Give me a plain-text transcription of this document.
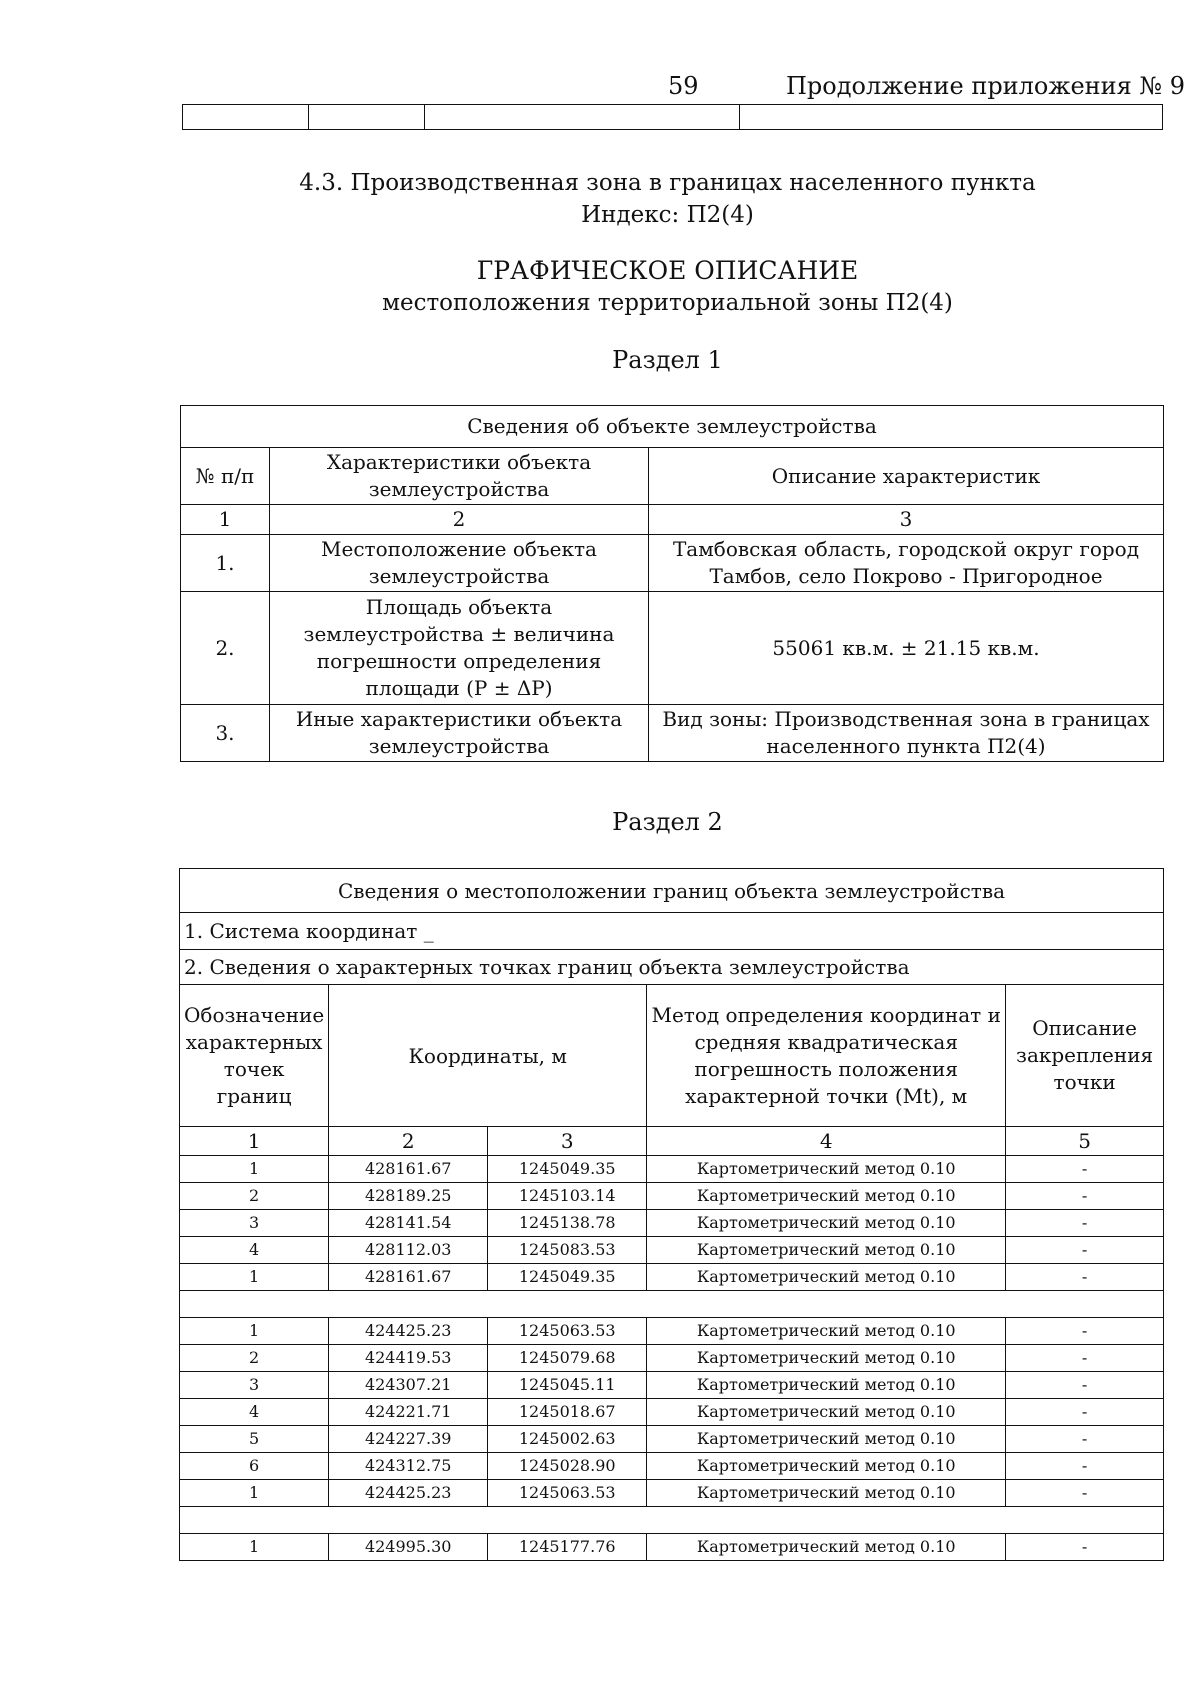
59	Продолжение приложения № 9

4.3. Производственная зона в границах населенного пункта
Индекс: П2(4)
ГРАФИЧЕСКОЕ ОПИСАНИЕ
местоположения территориальной зоны П2(4)
Раздел 1
Сведения об объекте землеустройства		
№ п/п	Характеристики объекта землеустройства	Описание характеристик
1	2	3
1.	Местоположение объекта землеустройства	Тамбовская область, городской округ город Тамбов, село Покрово - Пригородное
2.	Площадь объекта землеустройства ± величина погрешности определения площади (P ± ΔP)	55061 кв.м. ± 21.15 кв.м.
3.	Иные характеристики объекта землеустройства	Вид зоны: Производственная зона в границах населенного пункта П2(4)
Раздел 2
Сведения о местоположении границ объекта землеустройства				
1. Система координат _				
2. Сведения о характерных точках границ объекта землеустройства				
Обозначение характерных точек границ	Координаты, м		Метод определения координат и средняя квадратическая погрешность положения характерной точки (Mt), м	Описание закрепления точки
1	2	3	4	5
1	428161.67	1245049.35	Картометрический метод 0.10	-
2	428189.25	1245103.14	Картометрический метод 0.10	-
3	428141.54	1245138.78	Картометрический метод 0.10	-
4	428112.03	1245083.53	Картометрический метод 0.10	-
1	428161.67	1245049.35	Картометрический метод 0.10	-

1	424425.23	1245063.53	Картометрический метод 0.10	-
2	424419.53	1245079.68	Картометрический метод 0.10	-
3	424307.21	1245045.11	Картометрический метод 0.10	-
4	424221.71	1245018.67	Картометрический метод 0.10	-
5	424227.39	1245002.63	Картометрический метод 0.10	-
6	424312.75	1245028.90	Картометрический метод 0.10	-
1	424425.23	1245063.53	Картометрический метод 0.10	-

1	424995.30	1245177.76	Картометрический метод 0.10	-
